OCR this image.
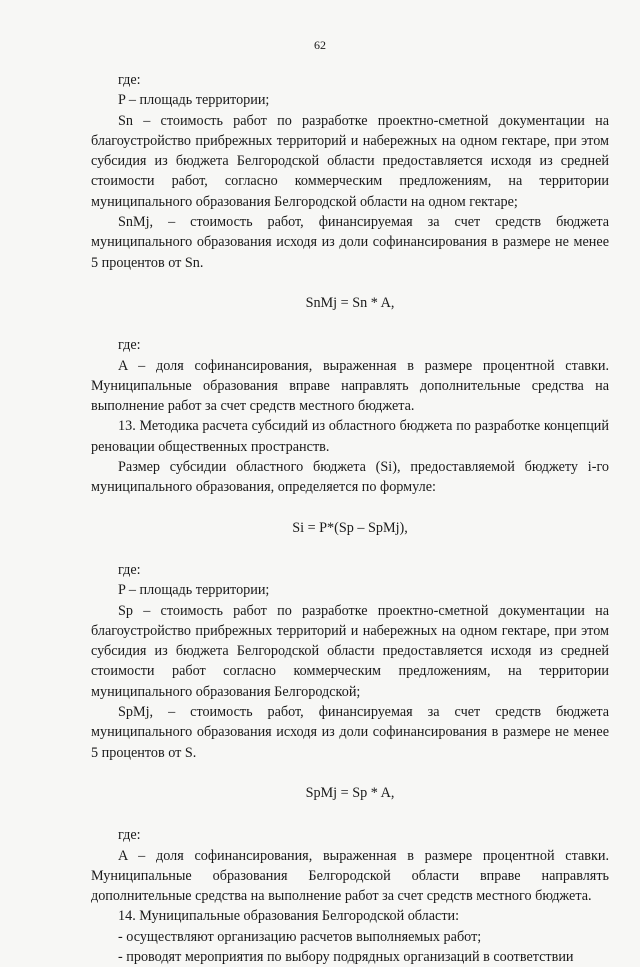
62

где:

P – площадь территории;

Sn – стоимость работ по разработке проектно-сметной документации на благоустройство прибрежных территорий и набережных на одном гектаре, при этом субсидия из бюджета Белгородской области предоставляется исходя из средней стоимости работ, согласно коммерческим предложениям, на территории муниципального образования Белгородской области на одном гектаре;

SnMj, – стоимость работ, финансируемая за счет средств бюджета муниципального образования исходя из доли софинансирования в размере не менее 5 процентов от Sn.

SnMj = Sn * A,

где:

A – доля софинансирования, выраженная в размере процентной ставки. Муниципальные образования вправе направлять дополнительные средства на выполнение работ за счет средств местного бюджета.

13. Методика расчета субсидий из областного бюджета по разработке концепций реновации общественных пространств.

Размер субсидии областного бюджета (Si), предоставляемой бюджету i-го муниципального образования, определяется по формуле:

Si = P*(Sp – SpMj),

где:

P – площадь территории;

Sp – стоимость работ по разработке проектно-сметной документации на благоустройство прибрежных территорий и набережных на одном гектаре, при этом субсидия из бюджета Белгородской области предоставляется исходя из средней стоимости работ согласно коммерческим предложениям, на территории муниципального образования Белгородской;

SpMj, – стоимость работ, финансируемая за счет средств бюджета муниципального образования исходя из доли софинансирования в размере не менее 5 процентов от S.

SpMj = Sp * A,

где:

A – доля софинансирования, выраженная в размере процентной ставки. Муниципальные образования Белгородской области вправе направлять дополнительные средства на выполнение работ за счет средств местного бюджета.

14. Муниципальные образования Белгородской области:

- осуществляют организацию расчетов выполняемых работ;

- проводят мероприятия по выбору подрядных организаций в соответствии
